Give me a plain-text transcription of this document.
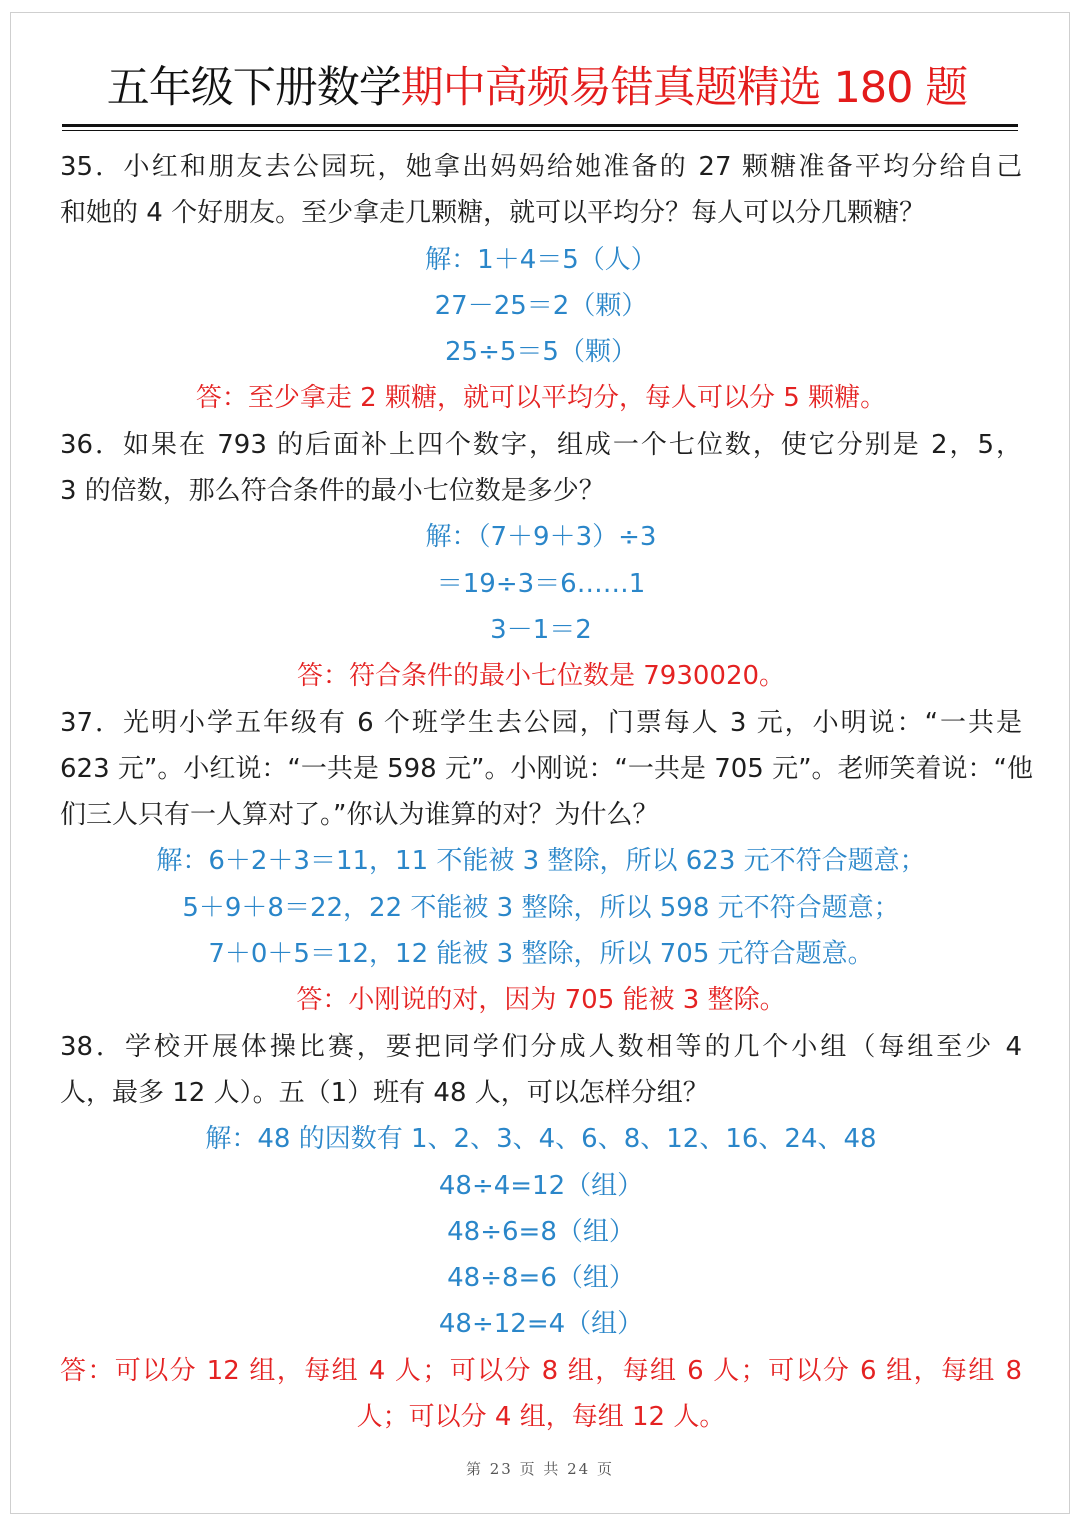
五年级下册数学期中高频易错真题精选 180 题
35．小红和朋友去公园玩，她拿出妈妈给她准备的 27 颗糖准备平均分给自己
和她的 4 个好朋友。至少拿走几颗糖，就可以平均分？每人可以分几颗糖？
解：1＋4＝5（人）
27－25＝2（颗）
25÷5＝5（颗）
答：至少拿走 2 颗糖，就可以平均分，每人可以分 5 颗糖。
36．如果在 793 的后面补上四个数字，组成一个七位数，使它分别是 2，5，
3 的倍数，那么符合条件的最小七位数是多少？
解：（7＋9＋3）÷3
＝19÷3＝6……1
3－1＝2
答：符合条件的最小七位数是 7930020。
37．光明小学五年级有 6 个班学生去公园，门票每人 3 元，小明说：“一共是
623 元”。小红说：“一共是 598 元”。小刚说：“一共是 705 元”。老师笑着说：“他
们三人只有一人算对了。”你认为谁算的对？为什么？
解：6＋2＋3＝11，11 不能被 3 整除，所以 623 元不符合题意；
5＋9＋8＝22，22 不能被 3 整除，所以 598 元不符合题意；
7＋0＋5＝12，12 能被 3 整除，所以 705 元符合题意。
答：小刚说的对，因为 705 能被 3 整除。
38．学校开展体操比赛，要把同学们分成人数相等的几个小组（每组至少 4
人，最多 12 人）。五（1）班有 48 人，可以怎样分组？
解：48 的因数有 1、2、3、4、6、8、12、16、24、48
48÷4=12（组）
48÷6=8（组）
48÷8=6（组）
48÷12=4（组）
答：可以分 12 组，每组 4 人；可以分 8 组，每组 6 人；可以分 6 组，每组 8
人；可以分 4 组，每组 12 人。
第 23 页 共 24 页
